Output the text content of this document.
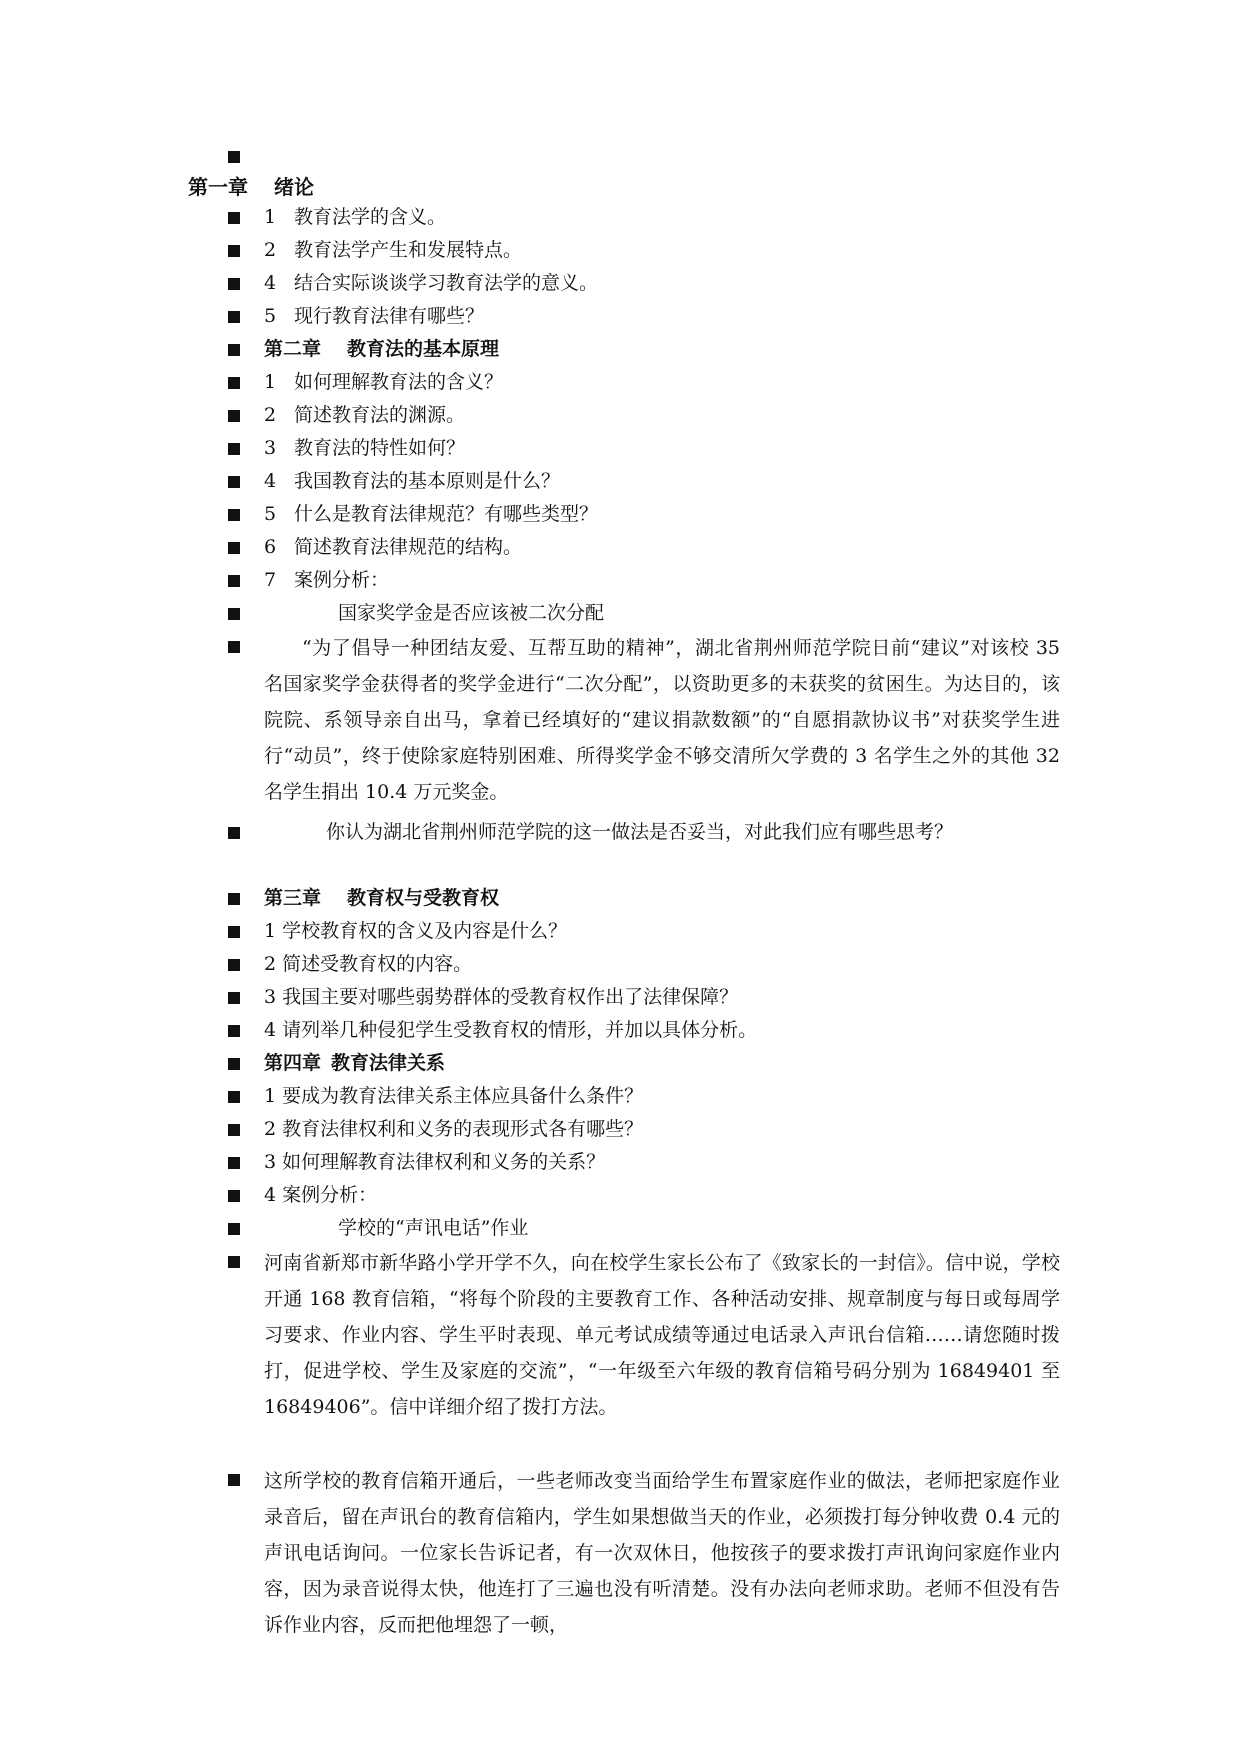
第一章 绪论
1 教育法学的含义。
2 教育法学产生和发展特点。
4 结合实际谈谈学习教育法学的意义。
5 现行教育法律有哪些？
第二章 教育法的基本原理
1 如何理解教育法的含义？
2 简述教育法的渊源。
3 教育法的特性如何？
4 我国教育法的基本原则是什么？
5 什么是教育法律规范？有哪些类型？
6 简述教育法律规范的结构。
7 案例分析：
国家奖学金是否应该被二次分配
“为了倡导一种团结友爱、互帮互助的精神”，湖北省荆州师范学院日前“建议”对该校 35 名国家奖学金获得者的奖学金进行“二次分配”，以资助更多的未获奖的贫困生。为达目的，该院院、系领导亲自出马，拿着已经填好的“建议捐款数额”的“自愿捐款协议书”对获奖学生进行“动员”，终于使除家庭特别困难、所得奖学金不够交清所欠学费的 3 名学生之外的其他 32 名学生捐出 10.4 万元奖金。
你认为湖北省荆州师范学院的这一做法是否妥当，对此我们应有哪些思考？
第三章 教育权与受教育权
1 学校教育权的含义及内容是什么？
2 简述受教育权的内容。
3 我国主要对哪些弱势群体的受教育权作出了法律保障？
4 请列举几种侵犯学生受教育权的情形，并加以具体分析。
第四章 教育法律关系
1 要成为教育法律关系主体应具备什么条件？
2 教育法律权利和义务的表现形式各有哪些？
3 如何理解教育法律权利和义务的关系？
4 案例分析：
学校的“声讯电话”作业
河南省新郑市新华路小学开学不久，向在校学生家长公布了《致家长的一封信》。信中说，学校开通 168 教育信箱，“将每个阶段的主要教育工作、各种活动安排、规章制度与每日或每周学习要求、作业内容、学生平时表现、单元考试成绩等通过电话录入声讯台信箱……请您随时拨打，促进学校、学生及家庭的交流”，“一年级至六年级的教育信箱号码分别为 16849401 至 16849406”。信中详细介绍了拨打方法。
这所学校的教育信箱开通后，一些老师改变当面给学生布置家庭作业的做法，老师把家庭作业录音后，留在声讯台的教育信箱内，学生如果想做当天的作业，必须拨打每分钟收费 0.4 元的声讯电话询问。一位家长告诉记者，有一次双休日，他按孩子的要求拨打声讯询问家庭作业内容，因为录音说得太快，他连打了三遍也没有听清楚。没有办法向老师求助。老师不但没有告诉作业内容，反而把他埋怨了一顿，
